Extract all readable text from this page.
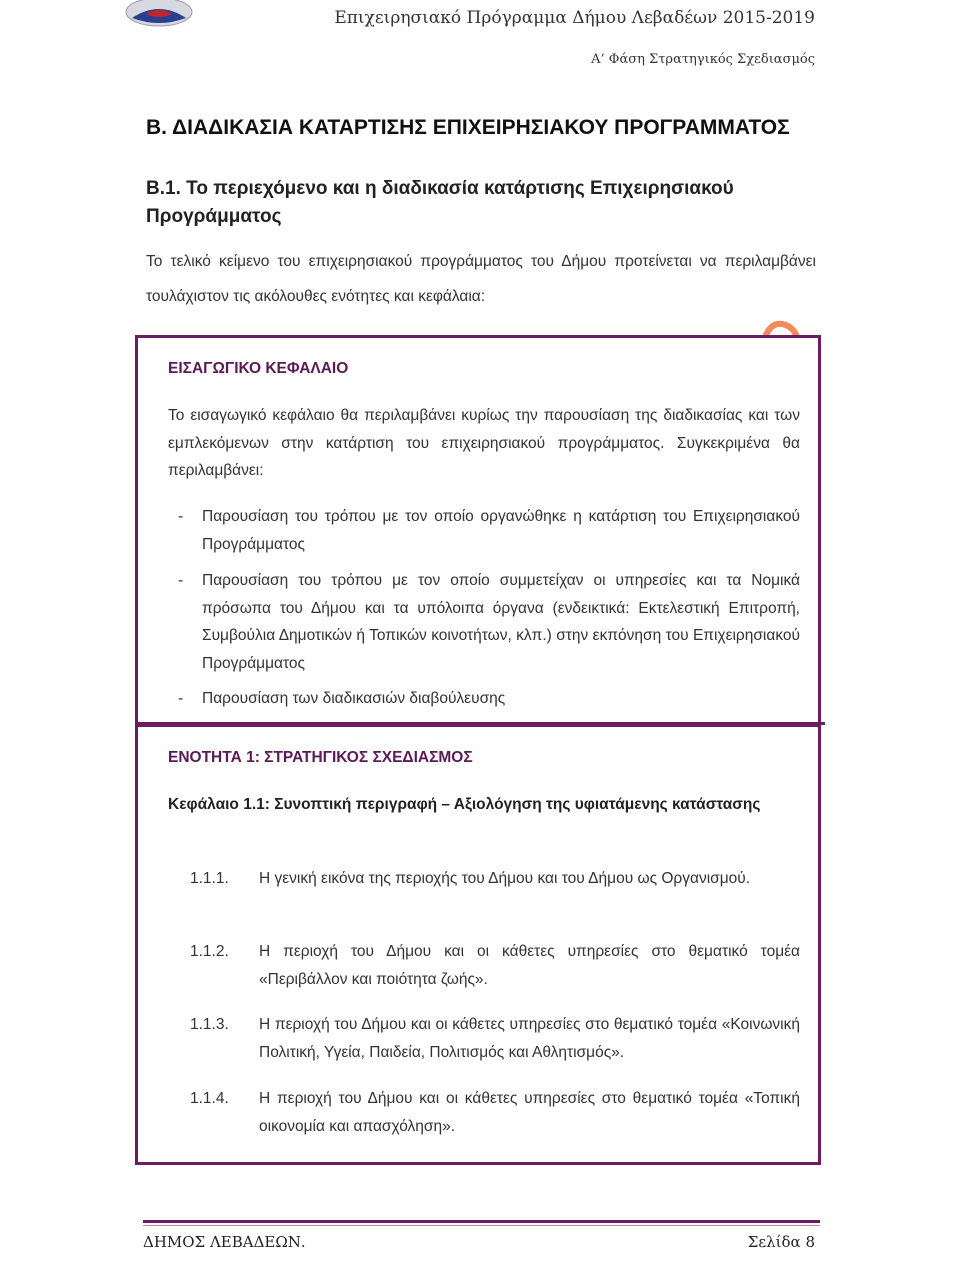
Επιχειρησιακό Πρόγραμμα Δήμου Λεβαδέων 2015-2019
Α’ Φάση Στρατηγικός Σχεδιασμός
Β. ΔΙΑΔΙΚΑΣΙΑ ΚΑΤΑΡΤΙΣΗΣ ΕΠΙΧΕΙΡΗΣΙΑΚΟΥ ΠΡΟΓΡΑΜΜΑΤΟΣ
Β.1. Το περιεχόμενο και η διαδικασία κατάρτισης Επιχειρησιακού Προγράμματος

Το τελικό κείμενο του επιχειρησιακού προγράμματος του Δήμου προτείνεται να περιλαμβάνει τουλάχιστον τις ακόλουθες ενότητες και κεφάλαια:

ΕΙΣΑΓΩΓΙΚΟ ΚΕΦΑΛΑΙΟ

Το εισαγωγικό κεφάλαιο θα περιλαμβάνει κυρίως την παρουσίαση της διαδικασίας και των εμπλεκόμενων στην κατάρτιση του επιχειρησιακού προγράμματος. Συγκεκριμένα θα περιλαμβάνει:

- Παρουσίαση του τρόπου με τον οποίο οργανώθηκε η κατάρτιση του Επιχειρησιακού Προγράμματος
- Παρουσίαση του τρόπου με τον οποίο συμμετείχαν οι υπηρεσίες και τα Νομικά πρόσωπα του Δήμου και τα υπόλοιπα όργανα (ενδεικτικά: Εκτελεστική Επιτροπή, Συμβούλια Δημοτικών ή Τοπικών κοινοτήτων, κλπ.) στην εκπόνηση του Επιχειρησιακού Προγράμματος
- Παρουσίαση των διαδικασιών διαβούλευσης
ΕΝΟΤΗΤΑ 1: ΣΤΡΑΤΗΓΙΚΟΣ ΣΧΕΔΙΑΣΜΟΣ

Κεφάλαιο 1.1: Συνοπτική περιγραφή – Αξιολόγηση της υφιατάμενης κατάστασης

1.1.1. Η γενική εικόνα της περιοχής του Δήμου και του Δήμου ως Οργανισμού.
1.1.2. Η περιοχή του Δήμου και οι κάθετες υπηρεσίες στο θεματικό τομέα «Περιβάλλον και ποιότητα ζωής».
1.1.3. Η περιοχή του Δήμου και οι κάθετες υπηρεσίες στο θεματικό τομέα «Κοινωνική Πολιτική, Υγεία, Παιδεία, Πολιτισμός και Αθλητισμός».
1.1.4. Η περιοχή του Δήμου και οι κάθετες υπηρεσίες στο θεματικό τομέα «Τοπική οικονομία και απασχόληση».
ΔΗΜΟΣ ΛΕΒΑΔΕΩΝ.	Σελίδα 8
